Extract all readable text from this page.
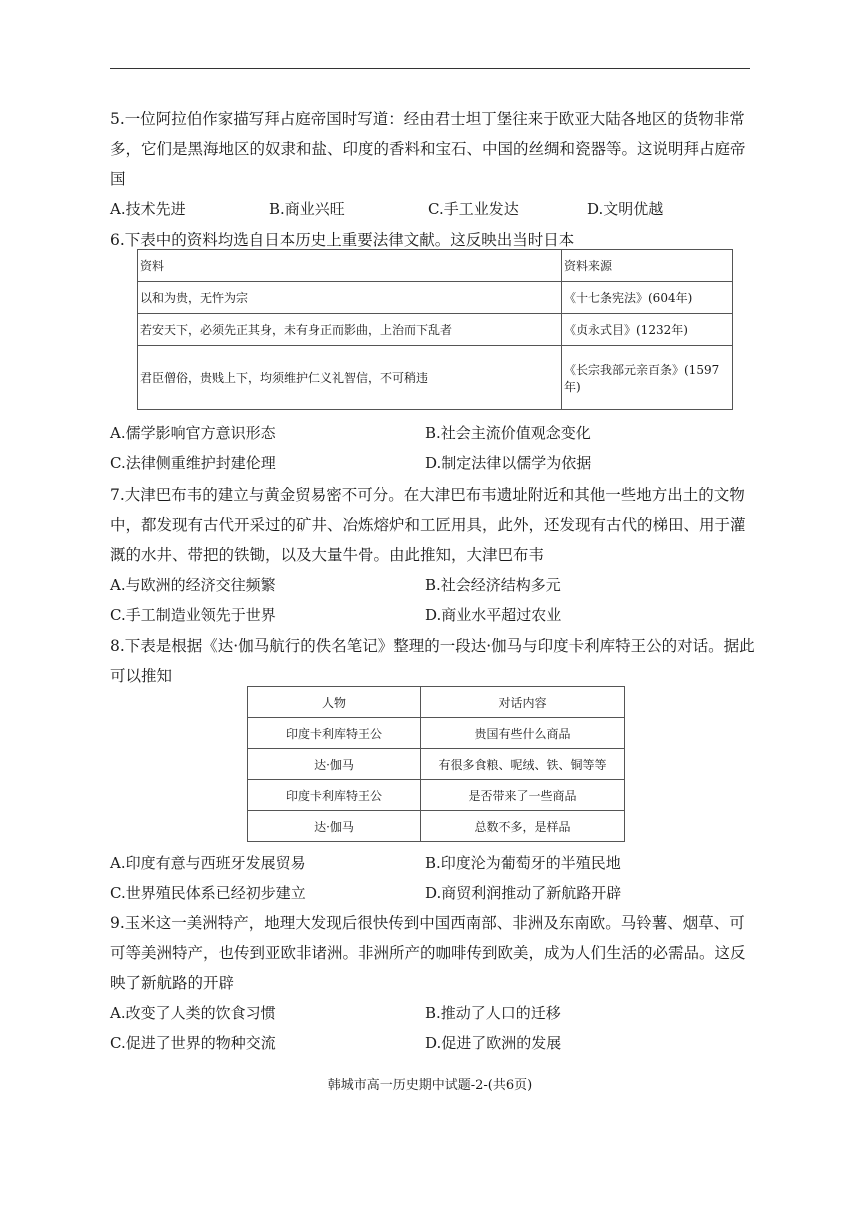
5.一位阿拉伯作家描写拜占庭帝国时写道：经由君士坦丁堡往来于欧亚大陆各地区的货物非常多，它们是黑海地区的奴隶和盐、印度的香料和宝石、中国的丝绸和瓷器等。这说明拜占庭帝国

A.技术先进	B.商业兴旺	C.手工业发达	D.文明优越

6.下表中的资料均选自日本历史上重要法律文献。这反映出当时日本

资料	资料来源
以和为贵，无忤为宗	《十七条宪法》(604年)
若安天下，必须先正其身，未有身正而影曲，上治而下乱者	《贞永式目》(1232年)
君臣僧俗，贵贱上下，均须维护仁义礼智信，不可稍违	《长宗我部元亲百条》(1597年)
A.儒学影响官方意识形态	B.社会主流价值观念变化
C.法律侧重维护封建伦理	D.制定法律以儒学为依据

7.大津巴布韦的建立与黄金贸易密不可分。在大津巴布韦遗址附近和其他一些地方出土的文物中，都发现有古代开采过的矿井、冶炼熔炉和工匠用具，此外，还发现有古代的梯田、用于灌溉的水井、带把的铁锄，以及大量牛骨。由此推知，大津巴布韦

A.与欧洲的经济交往频繁	B.社会经济结构多元
C.手工制造业领先于世界	D.商业水平超过农业

8.下表是根据《达·伽马航行的佚名笔记》整理的一段达·伽马与印度卡利库特王公的对话。据此可以推知

人物	对话内容
印度卡利库特王公	贵国有些什么商品
达·伽马	有很多食粮、呢绒、铁、铜等等
印度卡利库特王公	是否带来了一些商品
达·伽马	总数不多，是样品
A.印度有意与西班牙发展贸易	B.印度沦为葡萄牙的半殖民地
C.世界殖民体系已经初步建立	D.商贸利润推动了新航路开辟

9.玉米这一美洲特产，地理大发现后很快传到中国西南部、非洲及东南欧。马铃薯、烟草、可可等美洲特产，也传到亚欧非诸洲。非洲所产的咖啡传到欧美，成为人们生活的必需品。这反映了新航路的开辟

A.改变了人类的饮食习惯	B.推动了人口的迁移
C.促进了世界的物种交流	D.促进了欧洲的发展
韩城市高一历史期中试题-2-(共6页)
